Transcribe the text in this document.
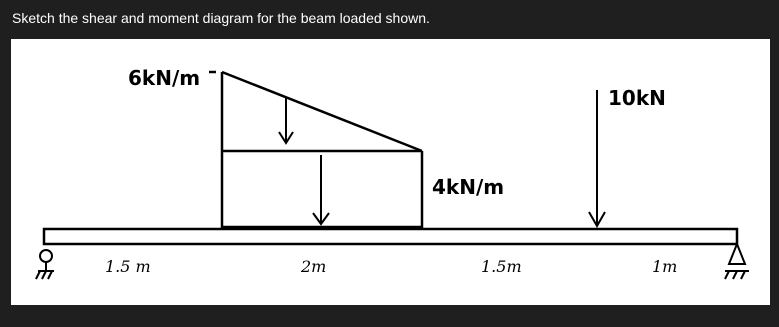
Sketch the shear and moment diagram for the beam loaded shown.
6kN/m
4kN/m
10kN
1.5 m	2m	1.5m	1m
